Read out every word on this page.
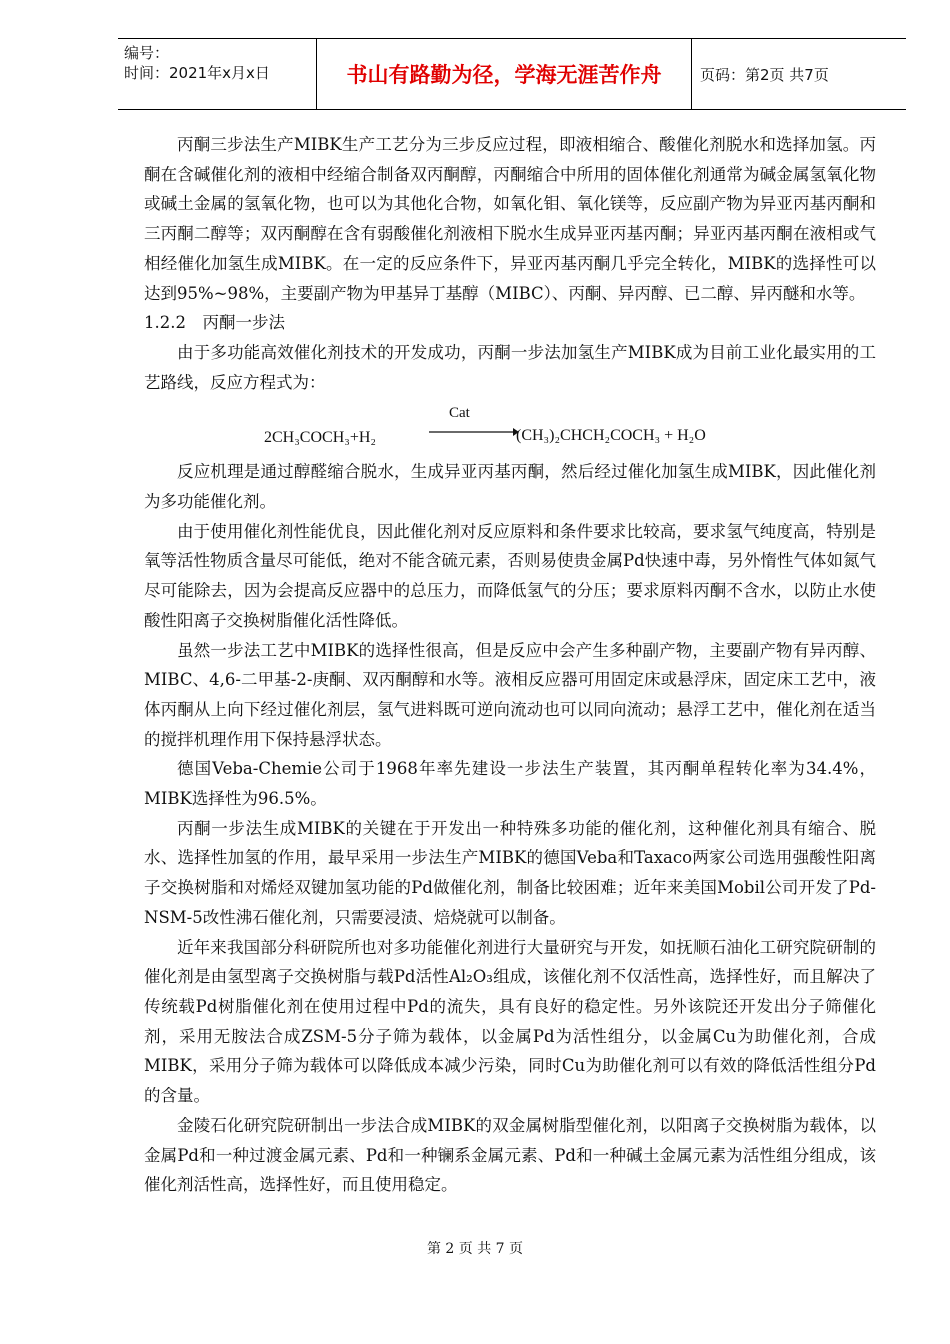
编号：
时间：2021年x月x日	书山有路勤为径，学海无涯苦作舟	页码：第2页 共7页

丙酮三步法生产MIBK生产工艺分为三步反应过程，即液相缩合、酸催化剂脱水和选择加氢。丙酮在含碱催化剂的液相中经缩合制备双丙酮醇，丙酮缩合中所用的固体催化剂通常为碱金属氢氧化物或碱土金属的氢氧化物，也可以为其他化合物，如氧化钼、氧化镁等，反应副产物为异亚丙基丙酮和三丙酮二醇等；双丙酮醇在含有弱酸催化剂液相下脱水生成异亚丙基丙酮；异亚丙基丙酮在液相或气相经催化加氢生成MIBK。在一定的反应条件下，异亚丙基丙酮几乎完全转化，MIBK的选择性可以达到95%~98%，主要副产物为甲基异丁基醇（MIBC）、丙酮、异丙醇、已二醇、异丙醚和水等。

1.2.2　丙酮一步法

由于多功能高效催化剂技术的开发成功，丙酮一步法加氢生产MIBK成为目前工业化最实用的工艺路线，反应方程式为：

2CH₃COCH₃+H₂
Cat
(CH₃)₂CHCH₂COCH₃ + H₂O

反应机理是通过醇醛缩合脱水，生成异亚丙基丙酮，然后经过催化加氢生成MIBK，因此催化剂为多功能催化剂。

由于使用催化剂性能优良，因此催化剂对反应原料和条件要求比较高，要求氢气纯度高，特别是氧等活性物质含量尽可能低，绝对不能含硫元素，否则易使贵金属Pd快速中毒，另外惰性气体如氮气尽可能除去，因为会提高反应器中的总压力，而降低氢气的分压；要求原料丙酮不含水，以防止水使酸性阳离子交换树脂催化活性降低。

虽然一步法工艺中MIBK的选择性很高，但是反应中会产生多种副产物，主要副产物有异丙醇、MIBC、4,6-二甲基-2-庚酮、双丙酮醇和水等。液相反应器可用固定床或悬浮床，固定床工艺中，液体丙酮从上向下经过催化剂层，氢气进料既可逆向流动也可以同向流动；悬浮工艺中，催化剂在适当的搅拌机理作用下保持悬浮状态。

德国Veba-Chemie公司于1968年率先建设一步法生产装置，其丙酮单程转化率为34.4%，MIBK选择性为96.5%。

丙酮一步法生成MIBK的关键在于开发出一种特殊多功能的催化剂，这种催化剂具有缩合、脱水、选择性加氢的作用，最早采用一步法生产MIBK的德国Veba和Taxaco两家公司选用强酸性阳离子交换树脂和对烯烃双键加氢功能的Pd做催化剂，制备比较困难；近年来美国Mobil公司开发了Pd-NSM-5改性沸石催化剂，只需要浸渍、焙烧就可以制备。

近年来我国部分科研院所也对多功能催化剂进行大量研究与开发，如抚顺石油化工研究院研制的催化剂是由氢型离子交换树脂与载Pd活性Al₂O₃组成，该催化剂不仅活性高，选择性好，而且解决了传统载Pd树脂催化剂在使用过程中Pd的流失，具有良好的稳定性。另外该院还开发出分子筛催化剂，采用无胺法合成ZSM-5分子筛为载体，以金属Pd为活性组分，以金属Cu为助催化剂，合成MIBK，采用分子筛为载体可以降低成本减少污染，同时Cu为助催化剂可以有效的降低活性组分Pd的含量。

金陵石化研究院研制出一步法合成MIBK的双金属树脂型催化剂，以阳离子交换树脂为载体，以金属Pd和一种过渡金属元素、Pd和一种镧系金属元素、Pd和一种碱土金属元素为活性组分组成，该催化剂活性高，选择性好，而且使用稳定。

第 2 页 共 7 页
